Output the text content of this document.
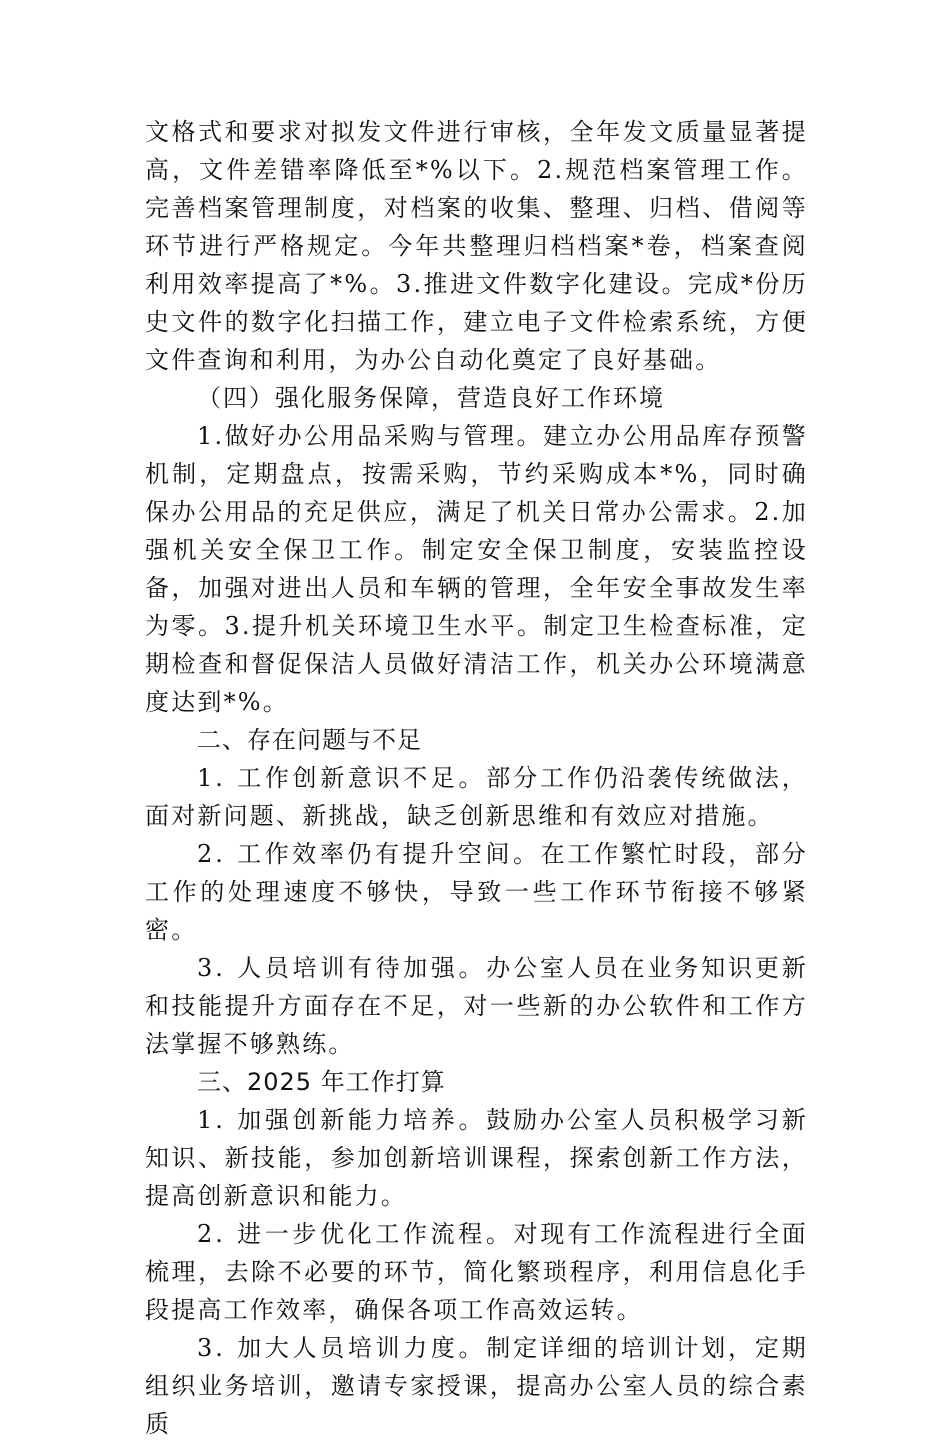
文格式和要求对拟发文件进行审核，全年发文质量显著提高，文件差错率降低至*%以下。2.规范档案管理工作。完善档案管理制度，对档案的收集、整理、归档、借阅等环节进行严格规定。今年共整理归档档案*卷，档案查阅利用效率提高了*%。3.推进文件数字化建设。完成*份历史文件的数字化扫描工作，建立电子文件检索系统，方便文件查询和利用，为办公自动化奠定了良好基础。

（四）强化服务保障，营造良好工作环境

1.做好办公用品采购与管理。建立办公用品库存预警机制，定期盘点，按需采购，节约采购成本*%，同时确保办公用品的充足供应，满足了机关日常办公需求。2.加强机关安全保卫工作。制定安全保卫制度，安装监控设备，加强对进出人员和车辆的管理，全年安全事故发生率为零。3.提升机关环境卫生水平。制定卫生检查标准，定期检查和督促保洁人员做好清洁工作，机关办公环境满意度达到*%。

二、存在问题与不足

1. 工作创新意识不足。部分工作仍沿袭传统做法，面对新问题、新挑战，缺乏创新思维和有效应对措施。

2. 工作效率仍有提升空间。在工作繁忙时段，部分工作的处理速度不够快，导致一些工作环节衔接不够紧密。

3. 人员培训有待加强。办公室人员在业务知识更新和技能提升方面存在不足，对一些新的办公软件和工作方法掌握不够熟练。

三、2025 年工作打算

1. 加强创新能力培养。鼓励办公室人员积极学习新知识、新技能，参加创新培训课程，探索创新工作方法，提高创新意识和能力。

2. 进一步优化工作流程。对现有工作流程进行全面梳理，去除不必要的环节，简化繁琐程序，利用信息化手段提高工作效率，确保各项工作高效运转。

3. 加大人员培训力度。制定详细的培训计划，定期组织业务培训，邀请专家授课，提高办公室人员的综合素质
